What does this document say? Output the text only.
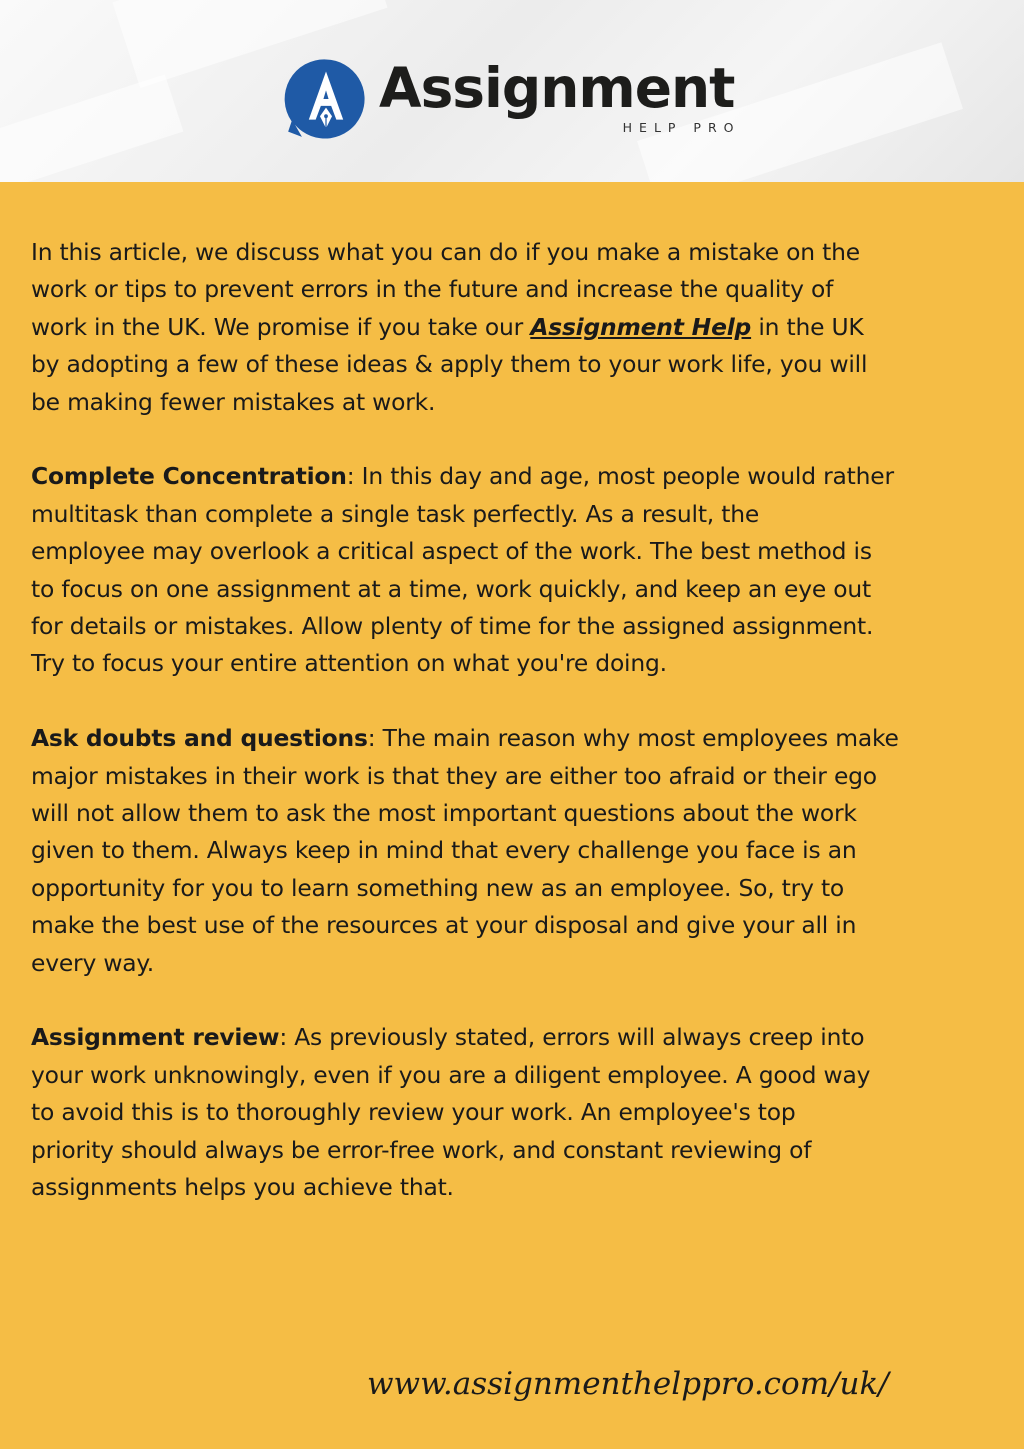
Assignment
HELP PRO

In this article, we discuss what you can do if you make a mistake on the
work or tips to prevent errors in the future and increase the quality of
work in the UK. We promise if you take our Assignment Help in the UK
by adopting a few of these ideas & apply them to your work life, you will
be making fewer mistakes at work.

Complete Concentration: In this day and age, most people would rather
multitask than complete a single task perfectly. As a result, the
employee may overlook a critical aspect of the work. The best method is
to focus on one assignment at a time, work quickly, and keep an eye out
for details or mistakes. Allow plenty of time for the assigned assignment.
Try to focus your entire attention on what you're doing.

Ask doubts and questions: The main reason why most employees make
major mistakes in their work is that they are either too afraid or their ego
will not allow them to ask the most important questions about the work
given to them. Always keep in mind that every challenge you face is an
opportunity for you to learn something new as an employee. So, try to
make the best use of the resources at your disposal and give your all in
every way.

Assignment review: As previously stated, errors will always creep into
your work unknowingly, even if you are a diligent employee. A good way
to avoid this is to thoroughly review your work. An employee's top
priority should always be error-free work, and constant reviewing of
assignments helps you achieve that.

www.assignmenthelppro.com/uk/
